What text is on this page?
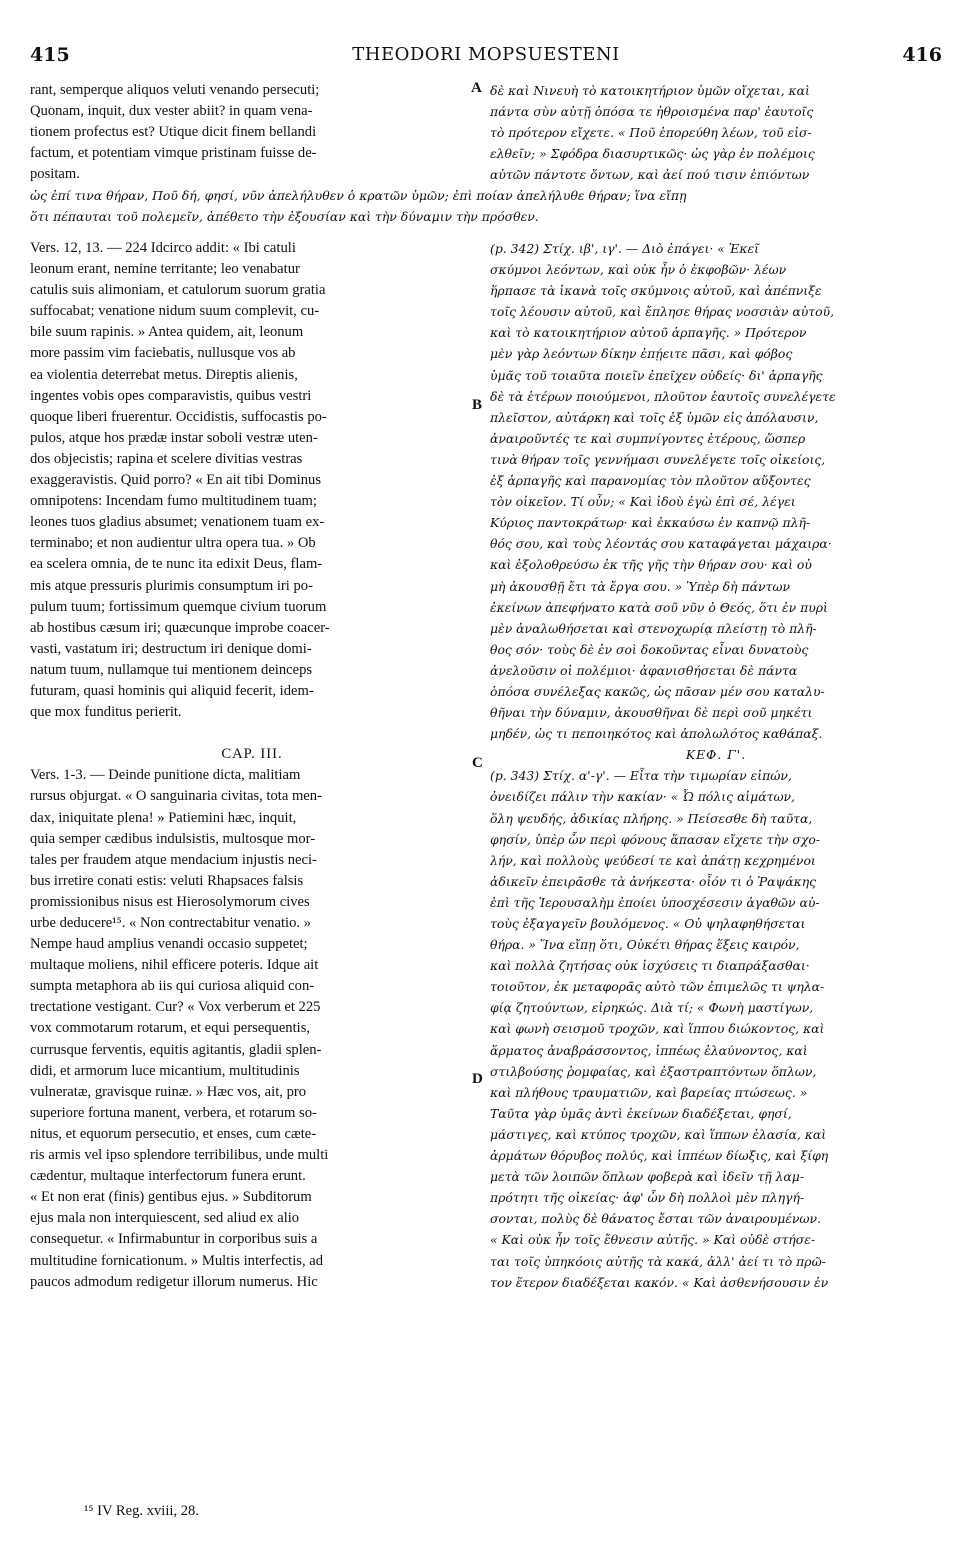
415	THEODORI MOPSUESTENI	416
rant, semperque aliquos veluti venando persecuti;
Quonam, inquit, dux vester abiit? in quam vena-
tionem profectus est? Utique dicit finem bellandi
factum, et potentiam vimque pristinam fuisse de-
positam.
δὲ καὶ Νινευὴ τὸ κατοικητήριον ὑμῶν οἴχεται, καὶ
πάντα σὺν αὐτῇ ὁπόσα τε ἠθροισμένα παρ' ἑαυτοῖς
τὸ πρότερον εἴχετε. « Ποῦ ἐπορεύθη λέων, τοῦ εἰσ-
ελθεῖν; » Σφόδρα διασυρτικῶς· ὡς γὰρ ἐν πολέμοις
αὐτῶν πάντοτε ὄντων, καὶ ἀεί πού τισιν ἐπιόντων
ὡς ἐπί τινα θήραν, Ποῦ δή, φησί, νῦν ἀπελήλυθεν ὁ κρατῶν ὑμῶν; ἐπὶ ποίαν ἀπελήλυθε θήραν; ἵνα εἴπῃ
ὅτι πέπαυται τοῦ πολεμεῖν, ἀπέθετο τὴν ἐξουσίαν καὶ τὴν δύναμιν τὴν πρόσθεν.
Vers. 12, 13. — 224 Idcirco addit: « Ibi catuli
leonum erant, nemine territante; leo venabatur
catulis suis alimoniam, et catulorum suorum gratia
suffocabat; venatione nidum suum complevit, cu-
bile suum rapinis. » Antea quidem, ait, leonum
more passim vim faciebatis, nullusque vos ab
ea violentia deterrebat metus. Direptis alienis,
ingentes vobis opes comparavistis, quibus vestri
quoque liberi fruerentur. Occidistis, suffocastis po-
pulos, atque hos prædæ instar soboli vestræ uten-
dos objecistis; rapina et scelere divitias vestras
exaggeravistis. Quid porro? « En ait tibi Dominus
omnipotens: Incendam fumo multitudinem tuam;
leones tuos gladius absumet; venationem tuam ex-
terminabo; et non audientur ultra opera tua. » Ob
ea scelera omnia, de te nunc ita edixit Deus, flam-
mis atque pressuris plurimis consumptum iri po-
pulum tuum; fortissimum quemque civium tuorum
ab hostibus cæsum iri; quæcunque improbe coacer-
vasti, vastatum iri; destructum iri denique domi-
natum tuum, nullamque tui mentionem deinceps
futuram, quasi hominis qui aliquid fecerit, idem-
que mox funditus perierit.
CAP. III.
Vers. 1-3. — Deinde punitione dicta, malitiam
rursus objurgat. « O sanguinaria civitas, tota men-
dax, iniquitate plena! » Patiemini hæc, inquit,
quia semper cædibus indulsistis, multosque mor-
tales per fraudem atque mendacium injustis neci-
bus irretire conati estis: veluti Rhapsaces falsis
promissionibus nisus est Hierosolymorum cives
urbe deducere¹⁵. « Non contrectabitur venatio. »
Nempe haud amplius venandi occasio suppetet;
multaque moliens, nihil efficere poteris. Idque ait
sumpta metaphora ab iis qui curiosa aliquid con-
trectatione vestigant. Cur? « Vox verberum et 225
vox commotarum rotarum, et equi persequentis,
currusque ferventis, equitis agitantis, gladii splen-
didi, et armorum luce micantium, multitudinis
vulneratæ, gravisque ruinæ. » Hæc vos, ait, pro
superiore fortuna manent, verbera, et rotarum so-
nitus, et equorum persecutio, et enses, cum cæte-
ris armis vel ipso splendore terribilibus, unde multi
cædentur, multaque interfectorum funera erunt.
« Et non erat (finis) gentibus ejus. » Subditorum
ejus mala non interquiescent, sed aliud ex alio
consequetur. « Infirmabuntur in corporibus suis a
multitudine fornicationum. » Multis interfectis, ad
paucos admodum redigetur illorum numerus. Hic
(p. 342) Στίχ. ιβ', ιγ'. — Διὸ ἐπάγει· « Ἐκεῖ
σκύμνοι λεόντων, καὶ οὐκ ἦν ὁ ἐκφοβῶν· λέων
ἥρπασε τὰ ἱκανὰ τοῖς σκύμνοις αὐτοῦ, καὶ ἀπέπνιξε
τοῖς λέουσιν αὐτοῦ, καὶ ἔπλησε θήρας νοσσιὰν αὐτοῦ,
καὶ τὸ κατοικητήριον αὐτοῦ ἁρπαγῆς. » Πρότερον
μὲν γὰρ λεόντων δίκην ἐπῄειτε πᾶσι, καὶ φόβος
ὑμᾶς τοῦ τοιαῦτα ποιεῖν ἐπεῖχεν οὐδείς· δι' ἁρπαγῆς
δὲ τὰ ἑτέρων ποιούμενοι, πλοῦτον ἑαυτοῖς συνελέγετε
πλεῖστον, αὐτάρκη καὶ τοῖς ἐξ ὑμῶν εἰς ἀπόλαυσιν,
ἀναιροῦντές τε καὶ συμπνίγοντες ἑτέρους, ὥσπερ
τινὰ θήραν τοῖς γεννήμασι συνελέγετε τοῖς οἰκείοις,
ἐξ ἁρπαγῆς καὶ παρανομίας τὸν πλοῦτον αὔξοντες
τὸν οἰκεῖον. Τί οὖν; « Καὶ ἰδοὺ ἐγὼ ἐπὶ σέ, λέγει
Κύριος παντοκράτωρ· καὶ ἐκκαύσω ἐν καπνῷ πλῆ-
θός σου, καὶ τοὺς λέοντάς σου καταφάγεται μάχαιρα·
καὶ ἐξολοθρεύσω ἐκ τῆς γῆς τὴν θήραν σου· καὶ οὐ
μὴ ἀκουσθῇ ἔτι τὰ ἔργα σου. » Ὑπὲρ δὴ πάντων
ἐκείνων ἀπεφήνατο κατὰ σοῦ νῦν ὁ Θεός, ὅτι ἐν πυρὶ
μὲν ἀναλωθήσεται καὶ στενοχωρίᾳ πλείστῃ τὸ πλῆ-
θος σόν· τοὺς δὲ ἐν σοὶ δοκοῦντας εἶναι δυνατοὺς
ἀνελοῦσιν οἱ πολέμιοι· ἀφανισθήσεται δὲ πάντα
ὁπόσα συνέλεξας κακῶς, ὡς πᾶσαν μέν σου καταλυ-
θῆναι τὴν δύναμιν, ἀκουσθῆναι δὲ περὶ σοῦ μηκέτι
μηδέν, ὡς τι πεποιηκότος καὶ ἀπολωλότος καθάπαξ.
ΚΕΦ. Γ'.
(p. 343) Στίχ. α'-γ'. — Εἶτα τὴν τιμωρίαν εἰπών,
ὀνειδίζει πάλιν τὴν κακίαν· « Ὦ πόλις αἱμάτων,
ὅλη ψευδής, ἀδικίας πλήρης. » Πείσεσθε δὴ ταῦτα,
φησίν, ὑπὲρ ὧν περὶ φόνους ἅπασαν εἴχετε τὴν σχο-
λήν, καὶ πολλοὺς ψεύδεσί τε καὶ ἀπάτῃ κεχρημένοι
ἀδικεῖν ἐπειρᾶσθε τὰ ἀνήκεστα· οἷόν τι ὁ Ῥαψάκης
ἐπὶ τῆς Ἱερουσαλὴμ ἐποίει ὑποσχέσεσιν ἀγαθῶν αὐ-
τοὺς ἐξαγαγεῖν βουλόμενος. « Οὐ ψηλαφηθήσεται
θήρα. » Ἵνα εἴπῃ ὅτι, Οὐκέτι θήρας ἕξεις καιρόν,
καὶ πολλὰ ζητήσας οὐκ ἰσχύσεις τι διαπράξασθαι·
τοιοῦτον, ἐκ μεταφορᾶς αὐτὸ τῶν ἐπιμελῶς τι ψηλα-
φίᾳ ζητούντων, εἰρηκώς. Διὰ τί; « Φωνὴ μαστίγων,
καὶ φωνὴ σεισμοῦ τροχῶν, καὶ ἵππου διώκοντος, καὶ
ἅρματος ἀναβράσσοντος, ἱππέως ἐλαύνοντος, καὶ
στιλβούσης ῥομφαίας, καὶ ἐξαστραπτόντων ὅπλων,
καὶ πλήθους τραυματιῶν, καὶ βαρείας πτώσεως. »
Ταῦτα γὰρ ὑμᾶς ἀντὶ ἐκείνων διαδέξεται, φησί,
μάστιγες, καὶ κτύπος τροχῶν, καὶ ἵππων ἐλασία, καὶ
ἁρμάτων θόρυβος πολύς, καὶ ἱππέων δίωξις, καὶ ξίφη
μετὰ τῶν λοιπῶν ὅπλων φοβερὰ καὶ ἰδεῖν τῇ λαμ-
πρότητι τῆς οἰκείας· ἀφ' ὧν δὴ πολλοὶ μὲν πληγή-
σονται, πολὺς δὲ θάνατος ἔσται τῶν ἀναιρουμένων.
« Καὶ οὐκ ἦν τοῖς ἔθνεσιν αὐτῆς. » Καὶ οὐδὲ στήσε-
ται τοῖς ὑπηκόοις αὐτῆς τὰ κακά, ἀλλ' ἀεί τι τὸ πρῶ-
τον ἕτερον διαδέξεται κακόν. « Καὶ ἀσθενήσουσιν ἐν
A
B
C
D
¹⁵ IV Reg. xviii, 28.
